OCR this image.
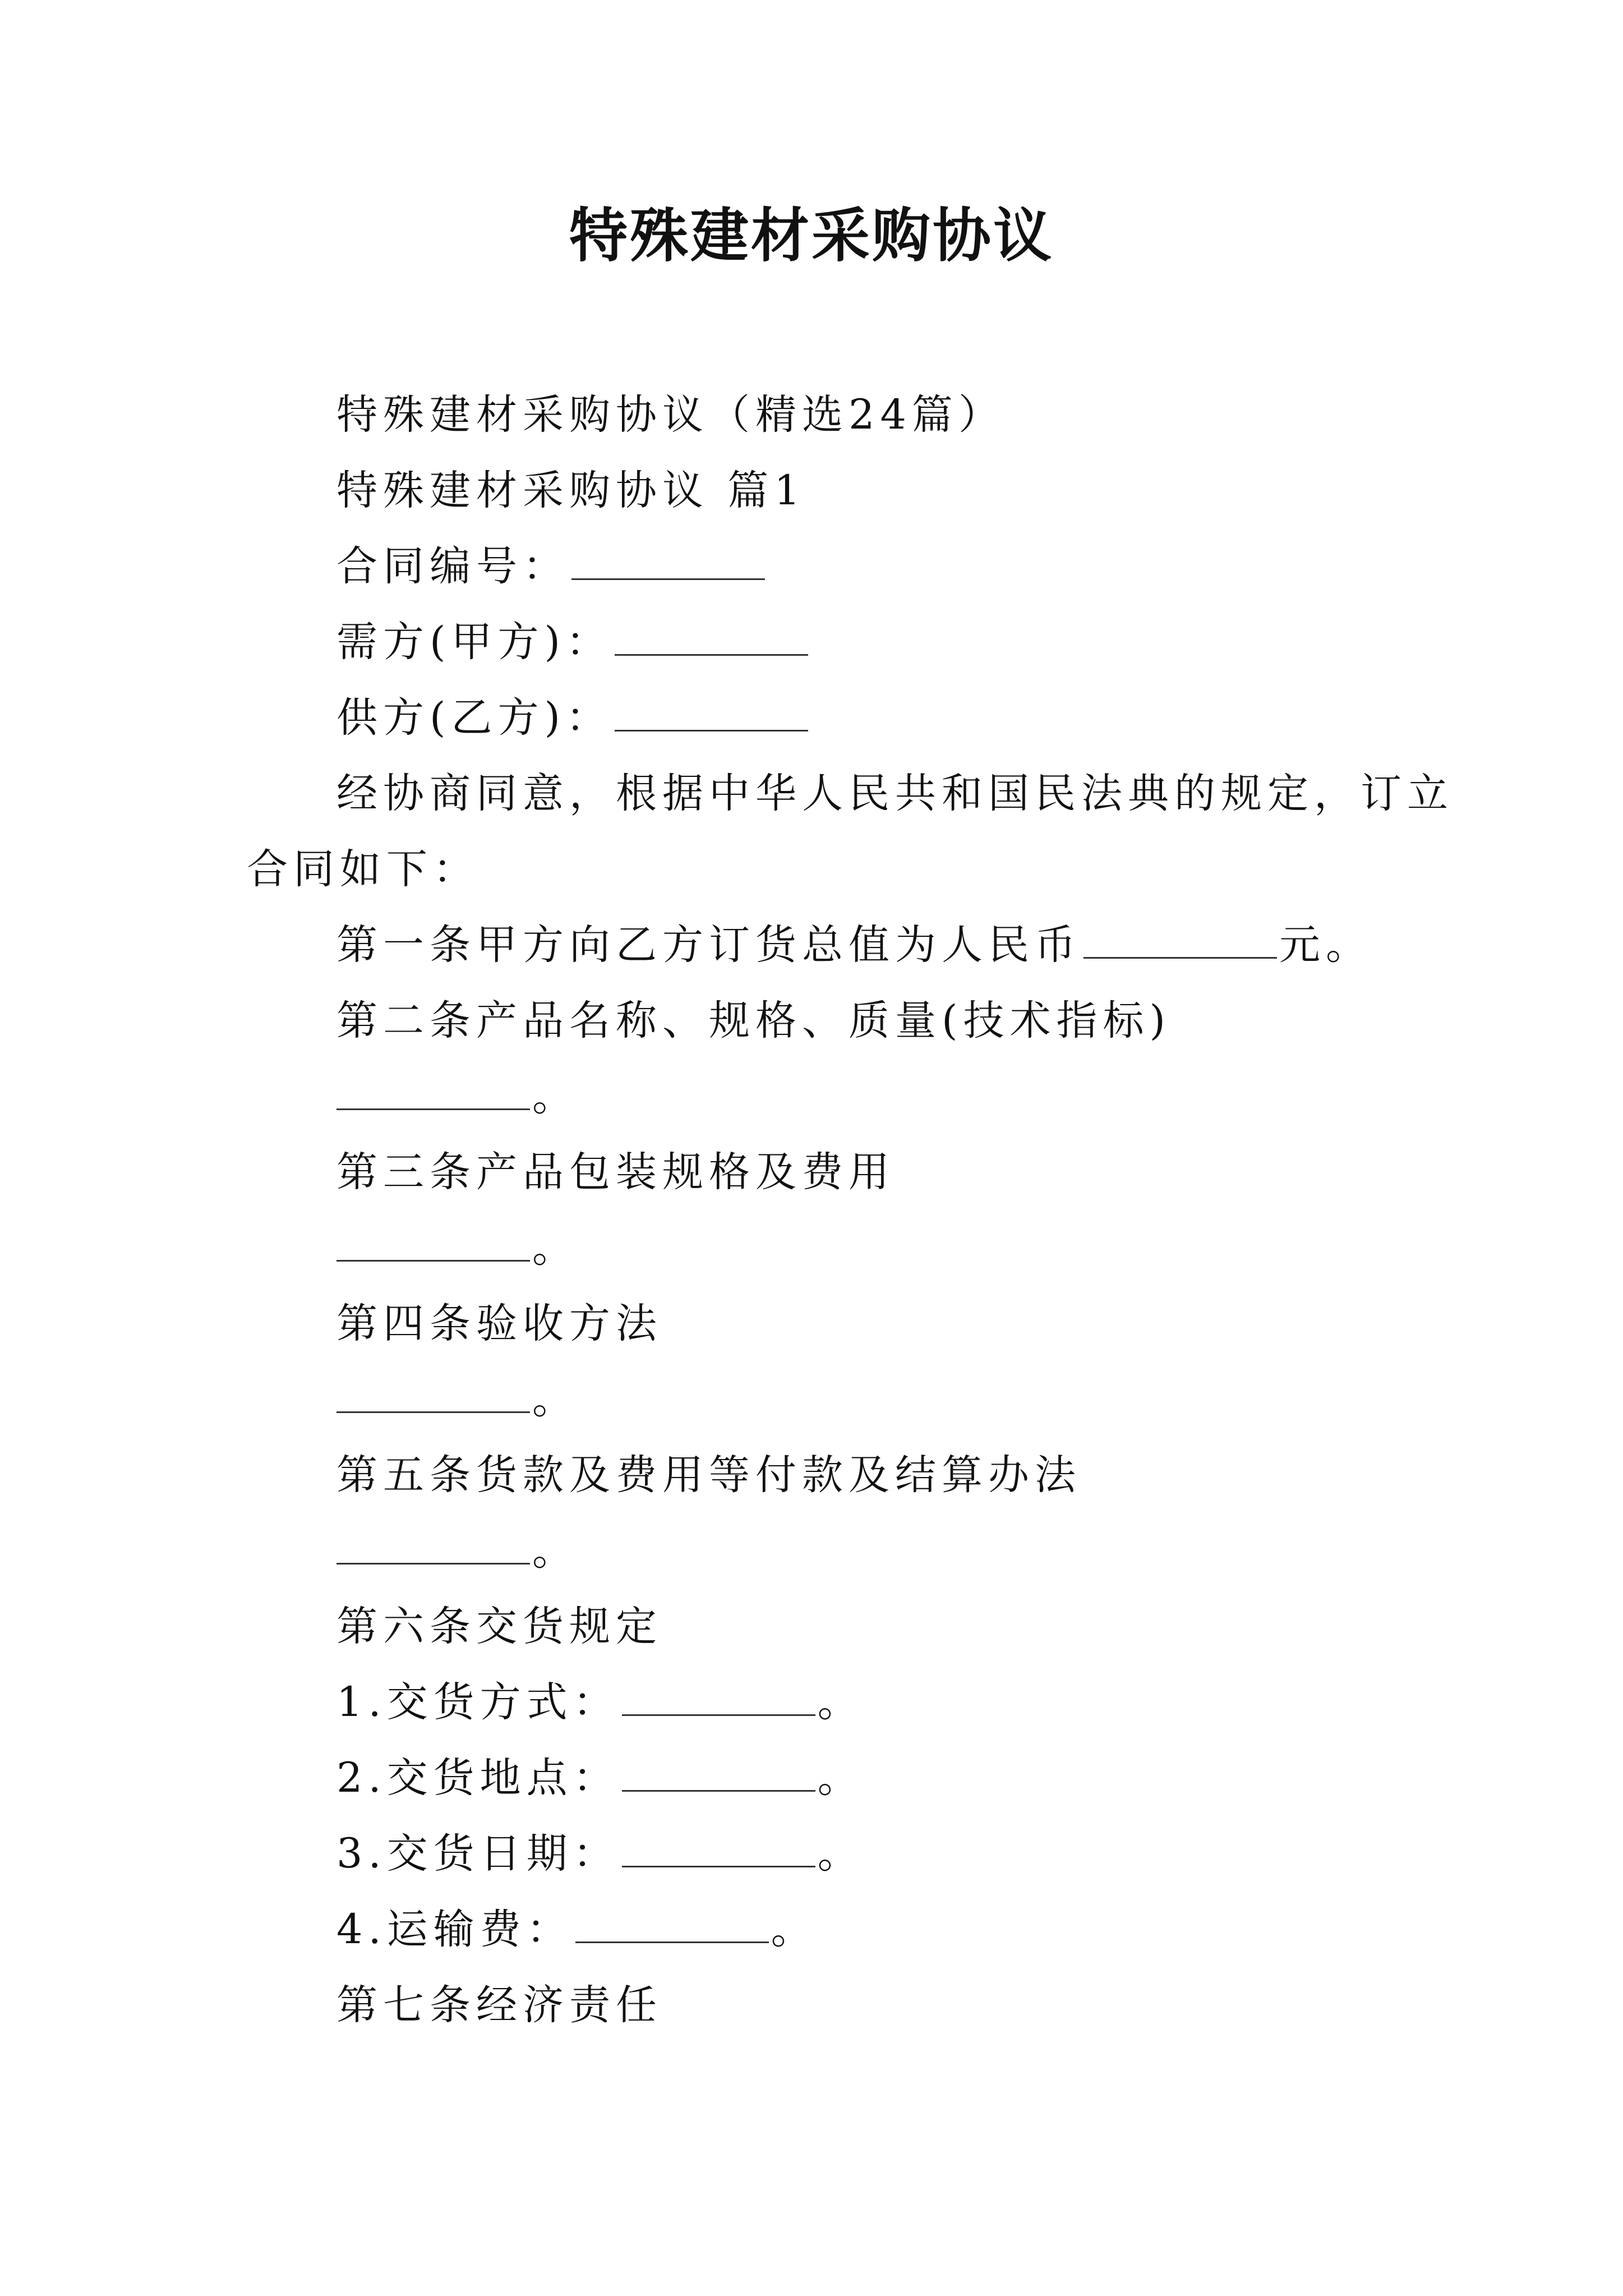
特殊建材采购协议
特殊建材采购协议（精选24篇）
特殊建材采购协议 篇1
合同编号：
需方(甲方)：
供方(乙方)：
经协商同意，根据中华人民共和国民法典的规定，订立
合同如下：
第一条甲方向乙方订货总值为人民币	元。
第二条产品名称、规格、质量(技术指标)
。
第三条产品包装规格及费用
。
第四条验收方法
。
第五条货款及费用等付款及结算办法
。
第六条交货规定
1.交货方式：	。
2.交货地点：	。
3.交货日期：	。
4.运输费：	。
第七条经济责任
